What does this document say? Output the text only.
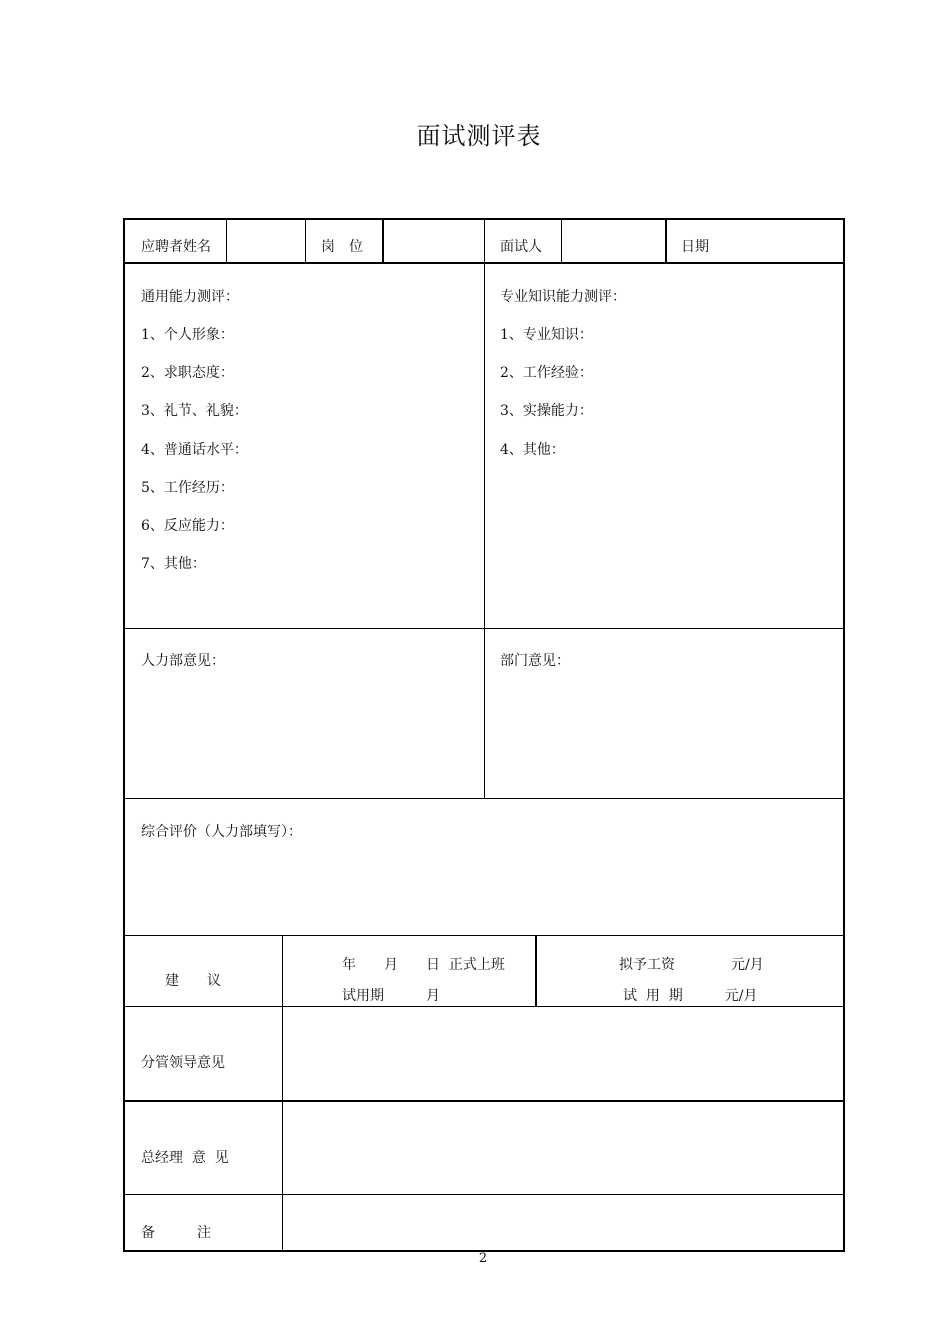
面试测评表
应聘者姓名	岗　位	面试人	日期
通用能力测评：
1、个人形象：
2、求职态度：
3、礼节、礼貌：
4、普通话水平：
5、工作经历：
6、反应能力：
7、其他：
专业知识能力测评：
1、专业知识：
2、工作经验：
3、实操能力：
4、其他：
人力部意见：	部门意见：
综合评价（人力部填写）：
建　　议
年　　月　　日  正式上班
试用期　　　月
拟予工资　　　　元/月
试  用  期　　　元/月
分管领导意见
总经理  意  见
备　　　注
2
